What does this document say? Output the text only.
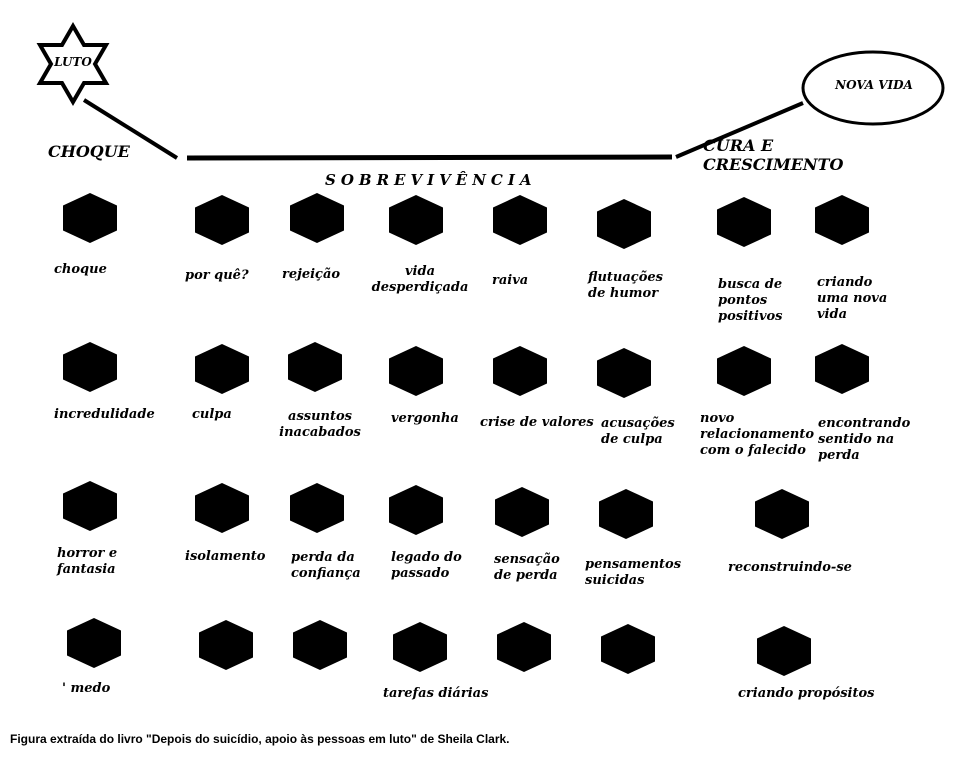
LUTO
NOVA VIDA
CHOQUE
SOBREVIVÊNCIA
CURA E
CRESCIMENTO
choque	por quê?	rejeição	vida
desperdiçada raiva	flutuações
de humor
busca de
pontos
positivos
criando
uma nova
vida
incredulidade	culpa	assuntos
inacabados
vergonha crise de valores acusações
de culpa
novo
relacionamento
com o falecido
encontrando
sentido na
perda
horror e
fantasia
isolamento perda da
confiança
legado do
passado
sensação
de perda
pensamentos
suicidas
reconstruindo-se
' medo	tarefas diárias	criando propósitos
Figura extraída do livro "Depois do suicídio, apoio às pessoas em luto" de Sheila Clark.
